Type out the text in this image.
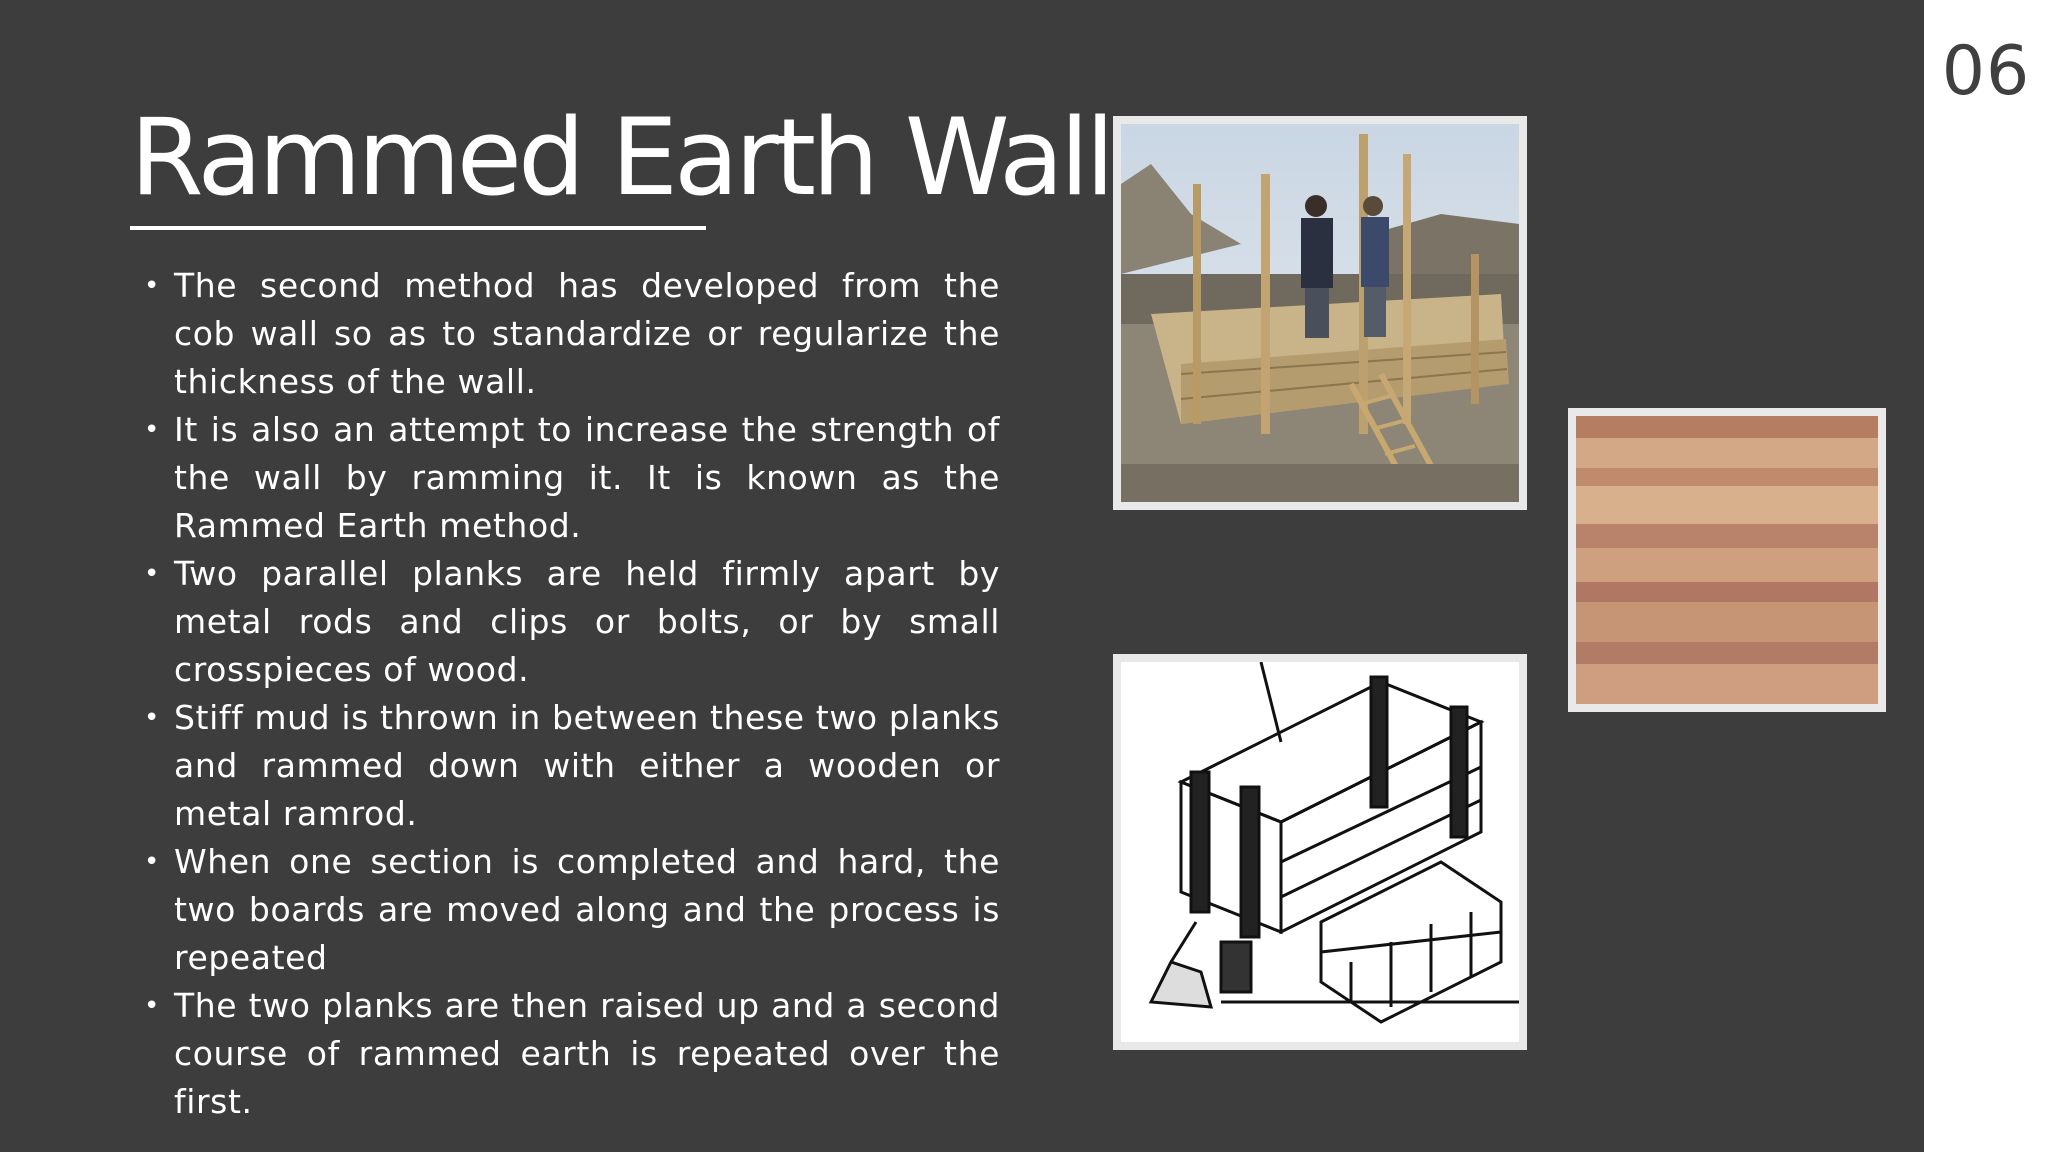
06
Rammed Earth Wall
• The second method has developed from the cob wall so as to standardize or regularize the thickness of the wall.
• It is also an attempt to increase the strength of the wall by ramming it. It is known as the Rammed Earth method.
• Two parallel planks are held firmly apart by metal rods and clips or bolts, or by small crosspieces of wood.
• Stiff mud is thrown in between these two planks and rammed down with either a wooden or metal ramrod.
• When one section is completed and hard, the two boards are moved along and the process is repeated
• The two planks are then raised up and a second course of rammed earth is repeated over the first.
